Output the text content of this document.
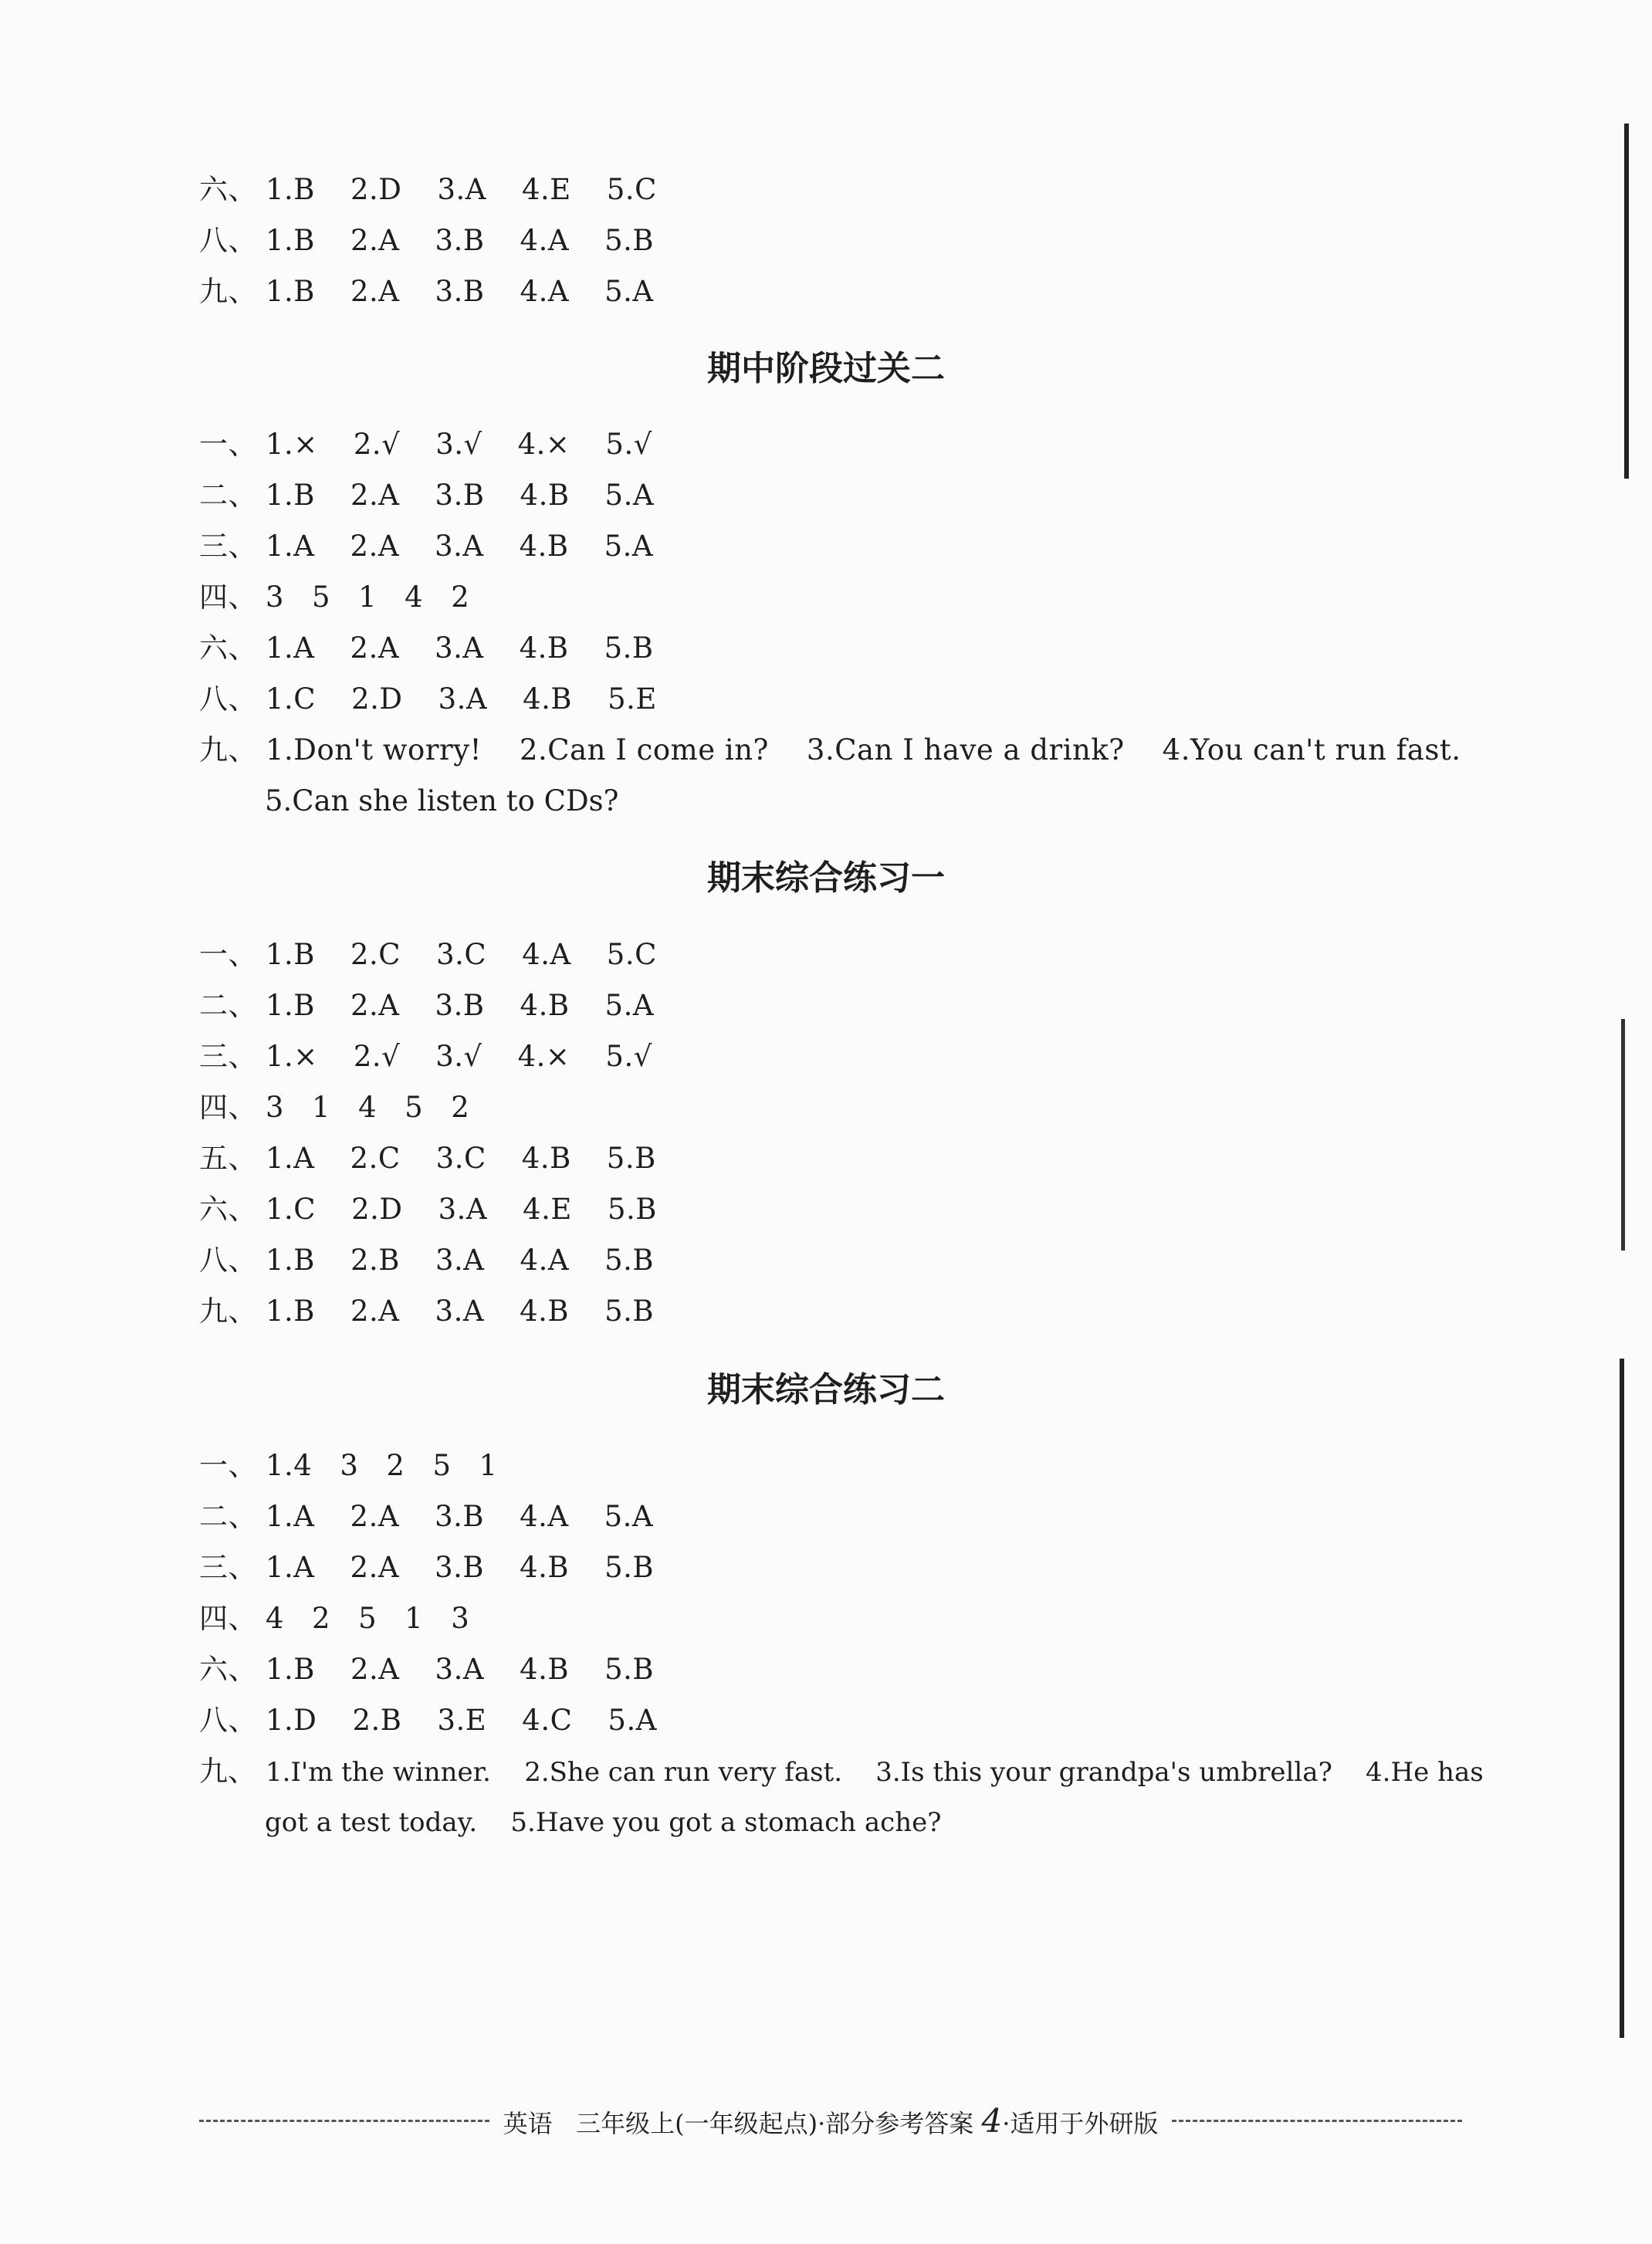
六、 1.B 2.D 3.A 4.E 5.C
八、 1.B 2.A 3.B 4.A 5.B
九、 1.B 2.A 3.B 4.A 5.A
期中阶段过关二
一、 1.× 2.√ 3.√ 4.× 5.√
二、 1.B 2.A 3.B 4.B 5.A
三、 1.A 2.A 3.A 4.B 5.A
四、 3 5 1 4 2
六、 1.A 2.A 3.A 4.B 5.B
八、 1.C 2.D 3.A 4.B 5.E
九、 1.Don't worry!    2.Can I come in?    3.Can I have a drink?    4.You can't run fast.
5.Can she listen to CDs?
期末综合练习一
一、 1.B 2.C 3.C 4.A 5.C
二、 1.B 2.A 3.B 4.B 5.A
三、 1.× 2.√ 3.√ 4.× 5.√
四、 3 1 4 5 2
五、 1.A 2.C 3.C 4.B 5.B
六、 1.C 2.D 3.A 4.E 5.B
八、 1.B 2.B 3.A 4.A 5.B
九、 1.B 2.A 3.A 4.B 5.B
期末综合练习二
一、 1.4 3 2 5 1
二、 1.A 2.A 3.B 4.A 5.A
三、 1.A 2.A 3.B 4.B 5.B
四、 4 2 5 1 3
六、 1.B 2.A 3.A 4.B 5.B
八、 1.D 2.B 3.E 4.C 5.A
九、 1.I'm the winner.    2.She can run very fast.    3.Is this your grandpa's umbrella?    4.He has
got a test today.    5.Have you got a stomach ache?
英语   三年级上(一年级起点)·部分参考答案 4·适用于外研版
